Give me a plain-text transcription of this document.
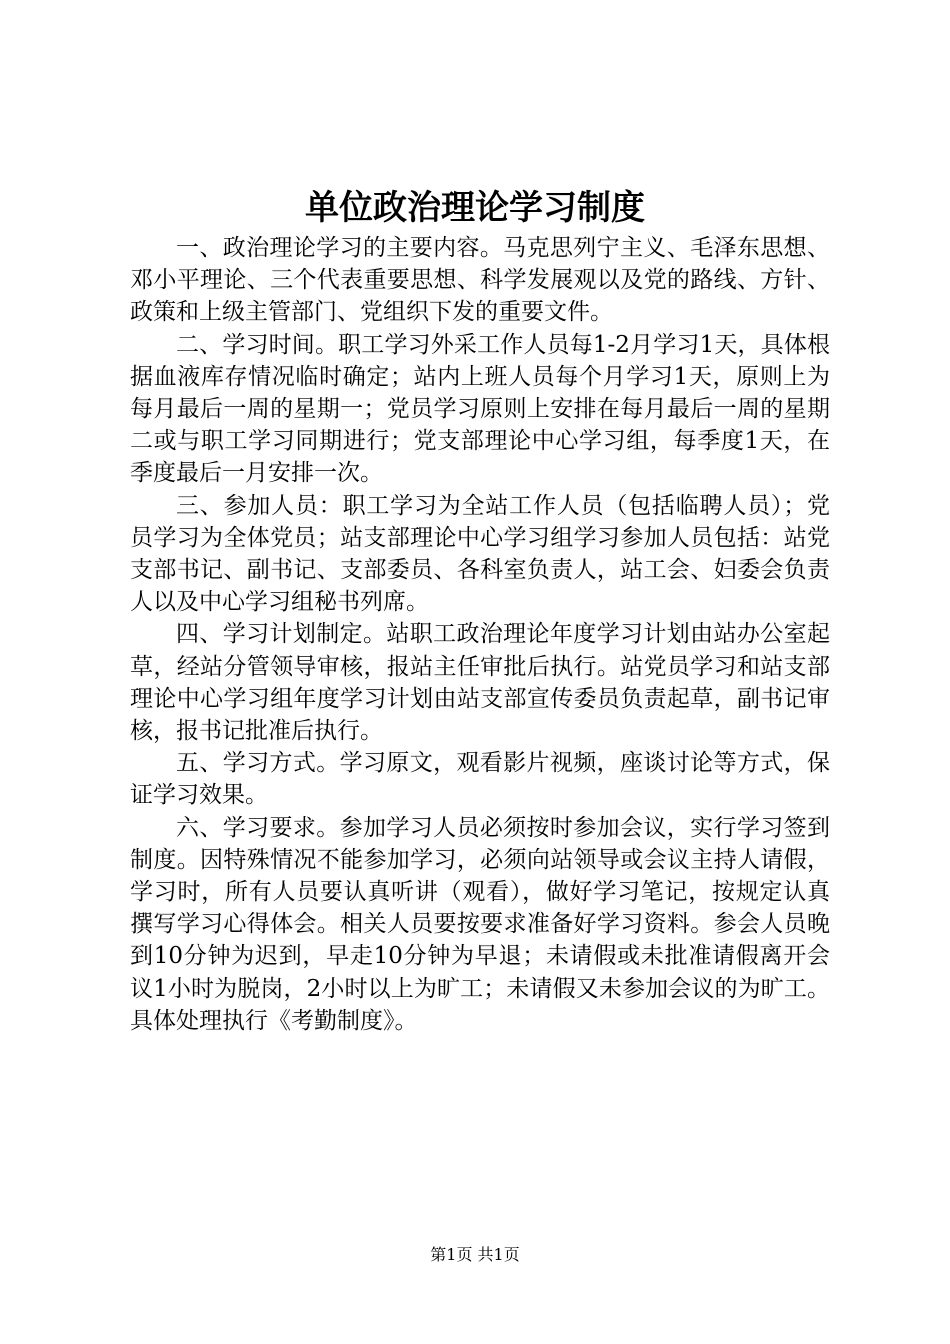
单位政治理论学习制度

一、政治理论学习的主要内容。马克思列宁主义、毛泽东思想、邓小平理论、三个代表重要思想、科学发展观以及党的路线、方针、政策和上级主管部门、党组织下发的重要文件。

二、学习时间。职工学习外采工作人员每1-2月学习1天，具体根据血液库存情况临时确定；站内上班人员每个月学习1天，原则上为每月最后一周的星期一；党员学习原则上安排在每月最后一周的星期二或与职工学习同期进行；党支部理论中心学习组，每季度1天，在季度最后一月安排一次。

三、参加人员：职工学习为全站工作人员（包括临聘人员）；党员学习为全体党员；站支部理论中心学习组学习参加人员包括：站党支部书记、副书记、支部委员、各科室负责人，站工会、妇委会负责人以及中心学习组秘书列席。

四、学习计划制定。站职工政治理论年度学习计划由站办公室起草，经站分管领导审核，报站主任审批后执行。站党员学习和站支部理论中心学习组年度学习计划由站支部宣传委员负责起草，副书记审核，报书记批准后执行。

五、学习方式。学习原文，观看影片视频，座谈讨论等方式，保证学习效果。

六、学习要求。参加学习人员必须按时参加会议，实行学习签到制度。因特殊情况不能参加学习，必须向站领导或会议主持人请假，学习时，所有人员要认真听讲（观看），做好学习笔记，按规定认真撰写学习心得体会。相关人员要按要求准备好学习资料。参会人员晚到10分钟为迟到，早走10分钟为早退；未请假或未批准请假离开会议1小时为脱岗，2小时以上为旷工；未请假又未参加会议的为旷工。具体处理执行《考勤制度》。

第1页 共1页
